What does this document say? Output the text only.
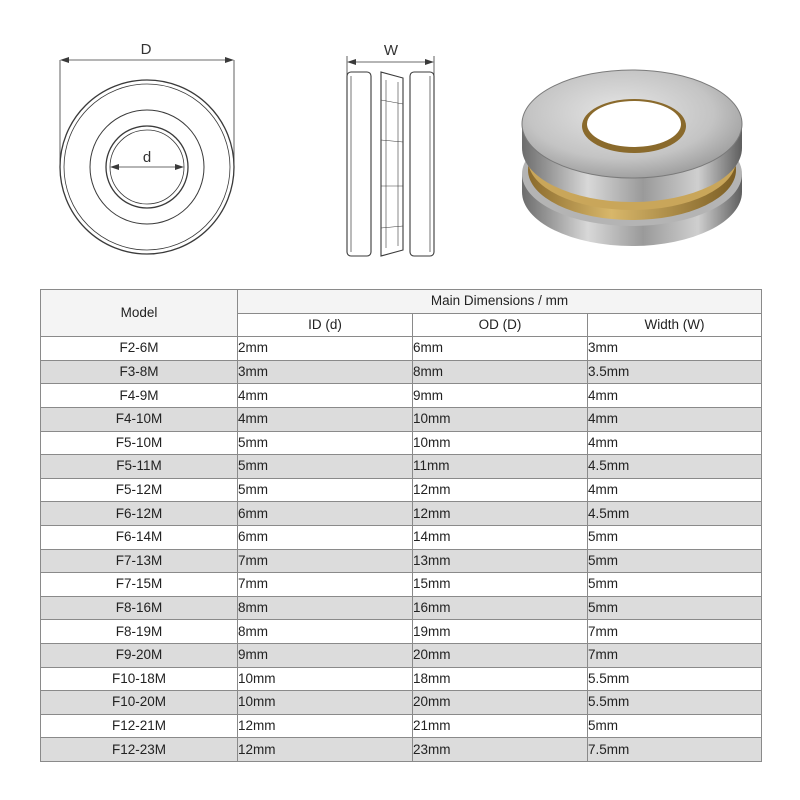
D
d
W
Model	Main Dimensions / mm		
	ID (d)	OD (D)	Width (W)
F2-6M	2mm	6mm	3mm
F3-8M	3mm	8mm	3.5mm
F4-9M	4mm	9mm	4mm
F4-10M	4mm	10mm	4mm
F5-10M	5mm	10mm	4mm
F5-11M	5mm	11mm	4.5mm
F5-12M	5mm	12mm	4mm
F6-12M	6mm	12mm	4.5mm
F6-14M	6mm	14mm	5mm
F7-13M	7mm	13mm	5mm
F7-15M	7mm	15mm	5mm
F8-16M	8mm	16mm	5mm
F8-19M	8mm	19mm	7mm
F9-20M	9mm	20mm	7mm
F10-18M	10mm	18mm	5.5mm
F10-20M	10mm	20mm	5.5mm
F12-21M	12mm	21mm	5mm
F12-23M	12mm	23mm	7.5mm
